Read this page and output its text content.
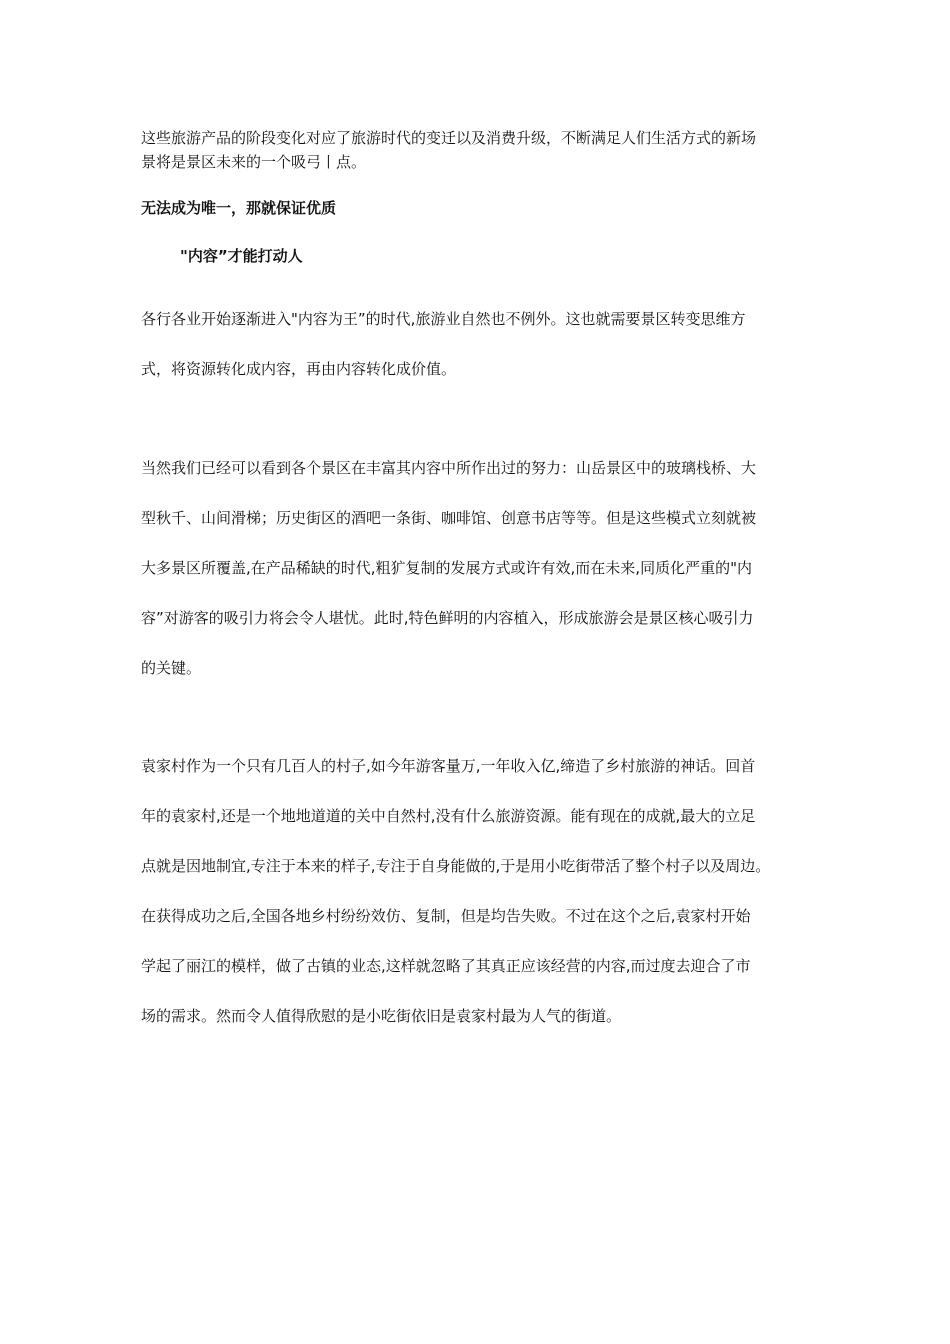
这些旅游产品的阶段变化对应了旅游时代的变迁以及消费升级，不断满足人们生活方式的新场
景将是景区未来的一个吸弓丨点。

无法成为唯一，那就保证优质

"内容”才能打动人

各行各业开始逐渐进入"内容为王”的时代,旅游业自然也不例外。这也就需要景区转变思维方
式，将资源转化成内容，再由内容转化成价值。

当然我们已经可以看到各个景区在丰富其内容中所作出过的努力：山岳景区中的玻璃栈桥、大
型秋千、山间滑梯；历史街区的酒吧一条街、咖啡馆、创意书店等等。但是这些模式立刻就被
大多景区所覆盖,在产品稀缺的时代,粗犷复制的发展方式或许有效,而在未来,同质化严重的"内
容”对游客的吸引力将会令人堪忧。此时,特色鲜明的内容植入，形成旅游会是景区核心吸引力
的关键。

袁家村作为一个只有几百人的村子,如今年游客量万,一年收入亿,缔造了乡村旅游的神话。回首
年的袁家村,还是一个地地道道的关中自然村,没有什么旅游资源。能有现在的成就,最大的立足
点就是因地制宜,专注于本来的样子,专注于自身能做的,于是用小吃街带活了整个村子以及周边。
在获得成功之后,全国各地乡村纷纷效仿、复制，但是均告失败。不过在这个之后,袁家村开始
学起了丽江的模样，做了古镇的业态,这样就忽略了其真正应该经营的内容,而过度去迎合了市
场的需求。然而令人值得欣慰的是小吃街依旧是袁家村最为人气的街道。
